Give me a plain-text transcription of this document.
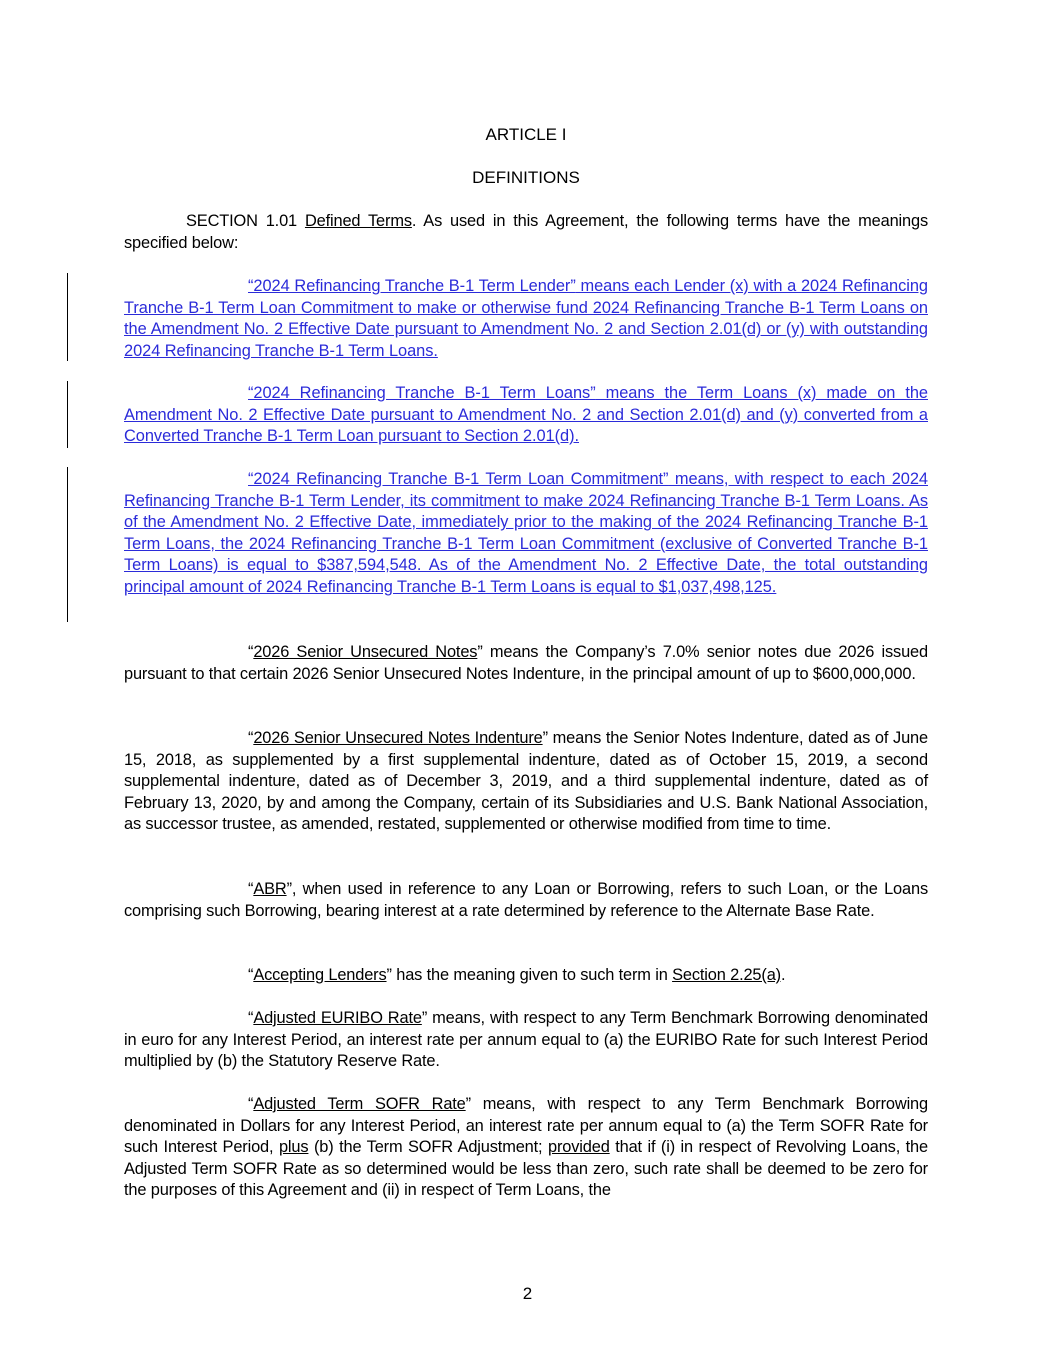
ARTICLE I
DEFINITIONS
SECTION 1.01 Defined Terms. As used in this Agreement, the following terms have the meanings specified below:
“2024 Refinancing Tranche B-1 Term Lender” means each Lender (x) with a 2024 Refinancing Tranche B-1 Term Loan Commitment to make or otherwise fund 2024 Refinancing Tranche B-1 Term Loans on the Amendment No. 2 Effective Date pursuant to Amendment No. 2 and Section 2.01(d) or (y) with outstanding 2024 Refinancing Tranche B-1 Term Loans.
“2024 Refinancing Tranche B-1 Term Loans” means the Term Loans (x) made on the Amendment No. 2 Effective Date pursuant to Amendment No. 2 and Section 2.01(d) and (y) converted from a Converted Tranche B-1 Term Loan pursuant to Section 2.01(d).
“2024 Refinancing Tranche B-1 Term Loan Commitment” means, with respect to each 2024 Refinancing Tranche B-1 Term Lender, its commitment to make 2024 Refinancing Tranche B-1 Term Loans. As of the Amendment No. 2 Effective Date, immediately prior to the making of the 2024 Refinancing Tranche B-1 Term Loans, the 2024 Refinancing Tranche B-1 Term Loan Commitment (exclusive of Converted Tranche B-1 Term Loans) is equal to $387,594,548. As of the Amendment No. 2 Effective Date, the total outstanding principal amount of 2024 Refinancing Tranche B-1 Term Loans is equal to $1,037,498,125.
“2026 Senior Unsecured Notes” means the Company’s 7.0% senior notes due 2026 issued pursuant to that certain 2026 Senior Unsecured Notes Indenture, in the principal amount of up to $600,000,000.
“2026 Senior Unsecured Notes Indenture” means the Senior Notes Indenture, dated as of June 15, 2018, as supplemented by a first supplemental indenture, dated as of October 15, 2019, a second supplemental indenture, dated as of December 3, 2019, and a third supplemental indenture, dated as of February 13, 2020, by and among the Company, certain of its Subsidiaries and U.S. Bank National Association, as successor trustee, as amended, restated, supplemented or otherwise modified from time to time.
“ABR”, when used in reference to any Loan or Borrowing, refers to such Loan, or the Loans comprising such Borrowing, bearing interest at a rate determined by reference to the Alternate Base Rate.
“Accepting Lenders” has the meaning given to such term in Section 2.25(a).
“Adjusted EURIBO Rate” means, with respect to any Term Benchmark Borrowing denominated in euro for any Interest Period, an interest rate per annum equal to (a) the EURIBO Rate for such Interest Period multiplied by (b) the Statutory Reserve Rate.
“Adjusted Term SOFR Rate” means, with respect to any Term Benchmark Borrowing denominated in Dollars for any Interest Period, an interest rate per annum equal to (a) the Term SOFR Rate for such Interest Period, plus (b) the Term SOFR Adjustment; provided that if (i) in respect of Revolving Loans, the Adjusted Term SOFR Rate as so determined would be less than zero, such rate shall be deemed to be zero for the purposes of this Agreement and (ii) in respect of Term Loans, the
2
